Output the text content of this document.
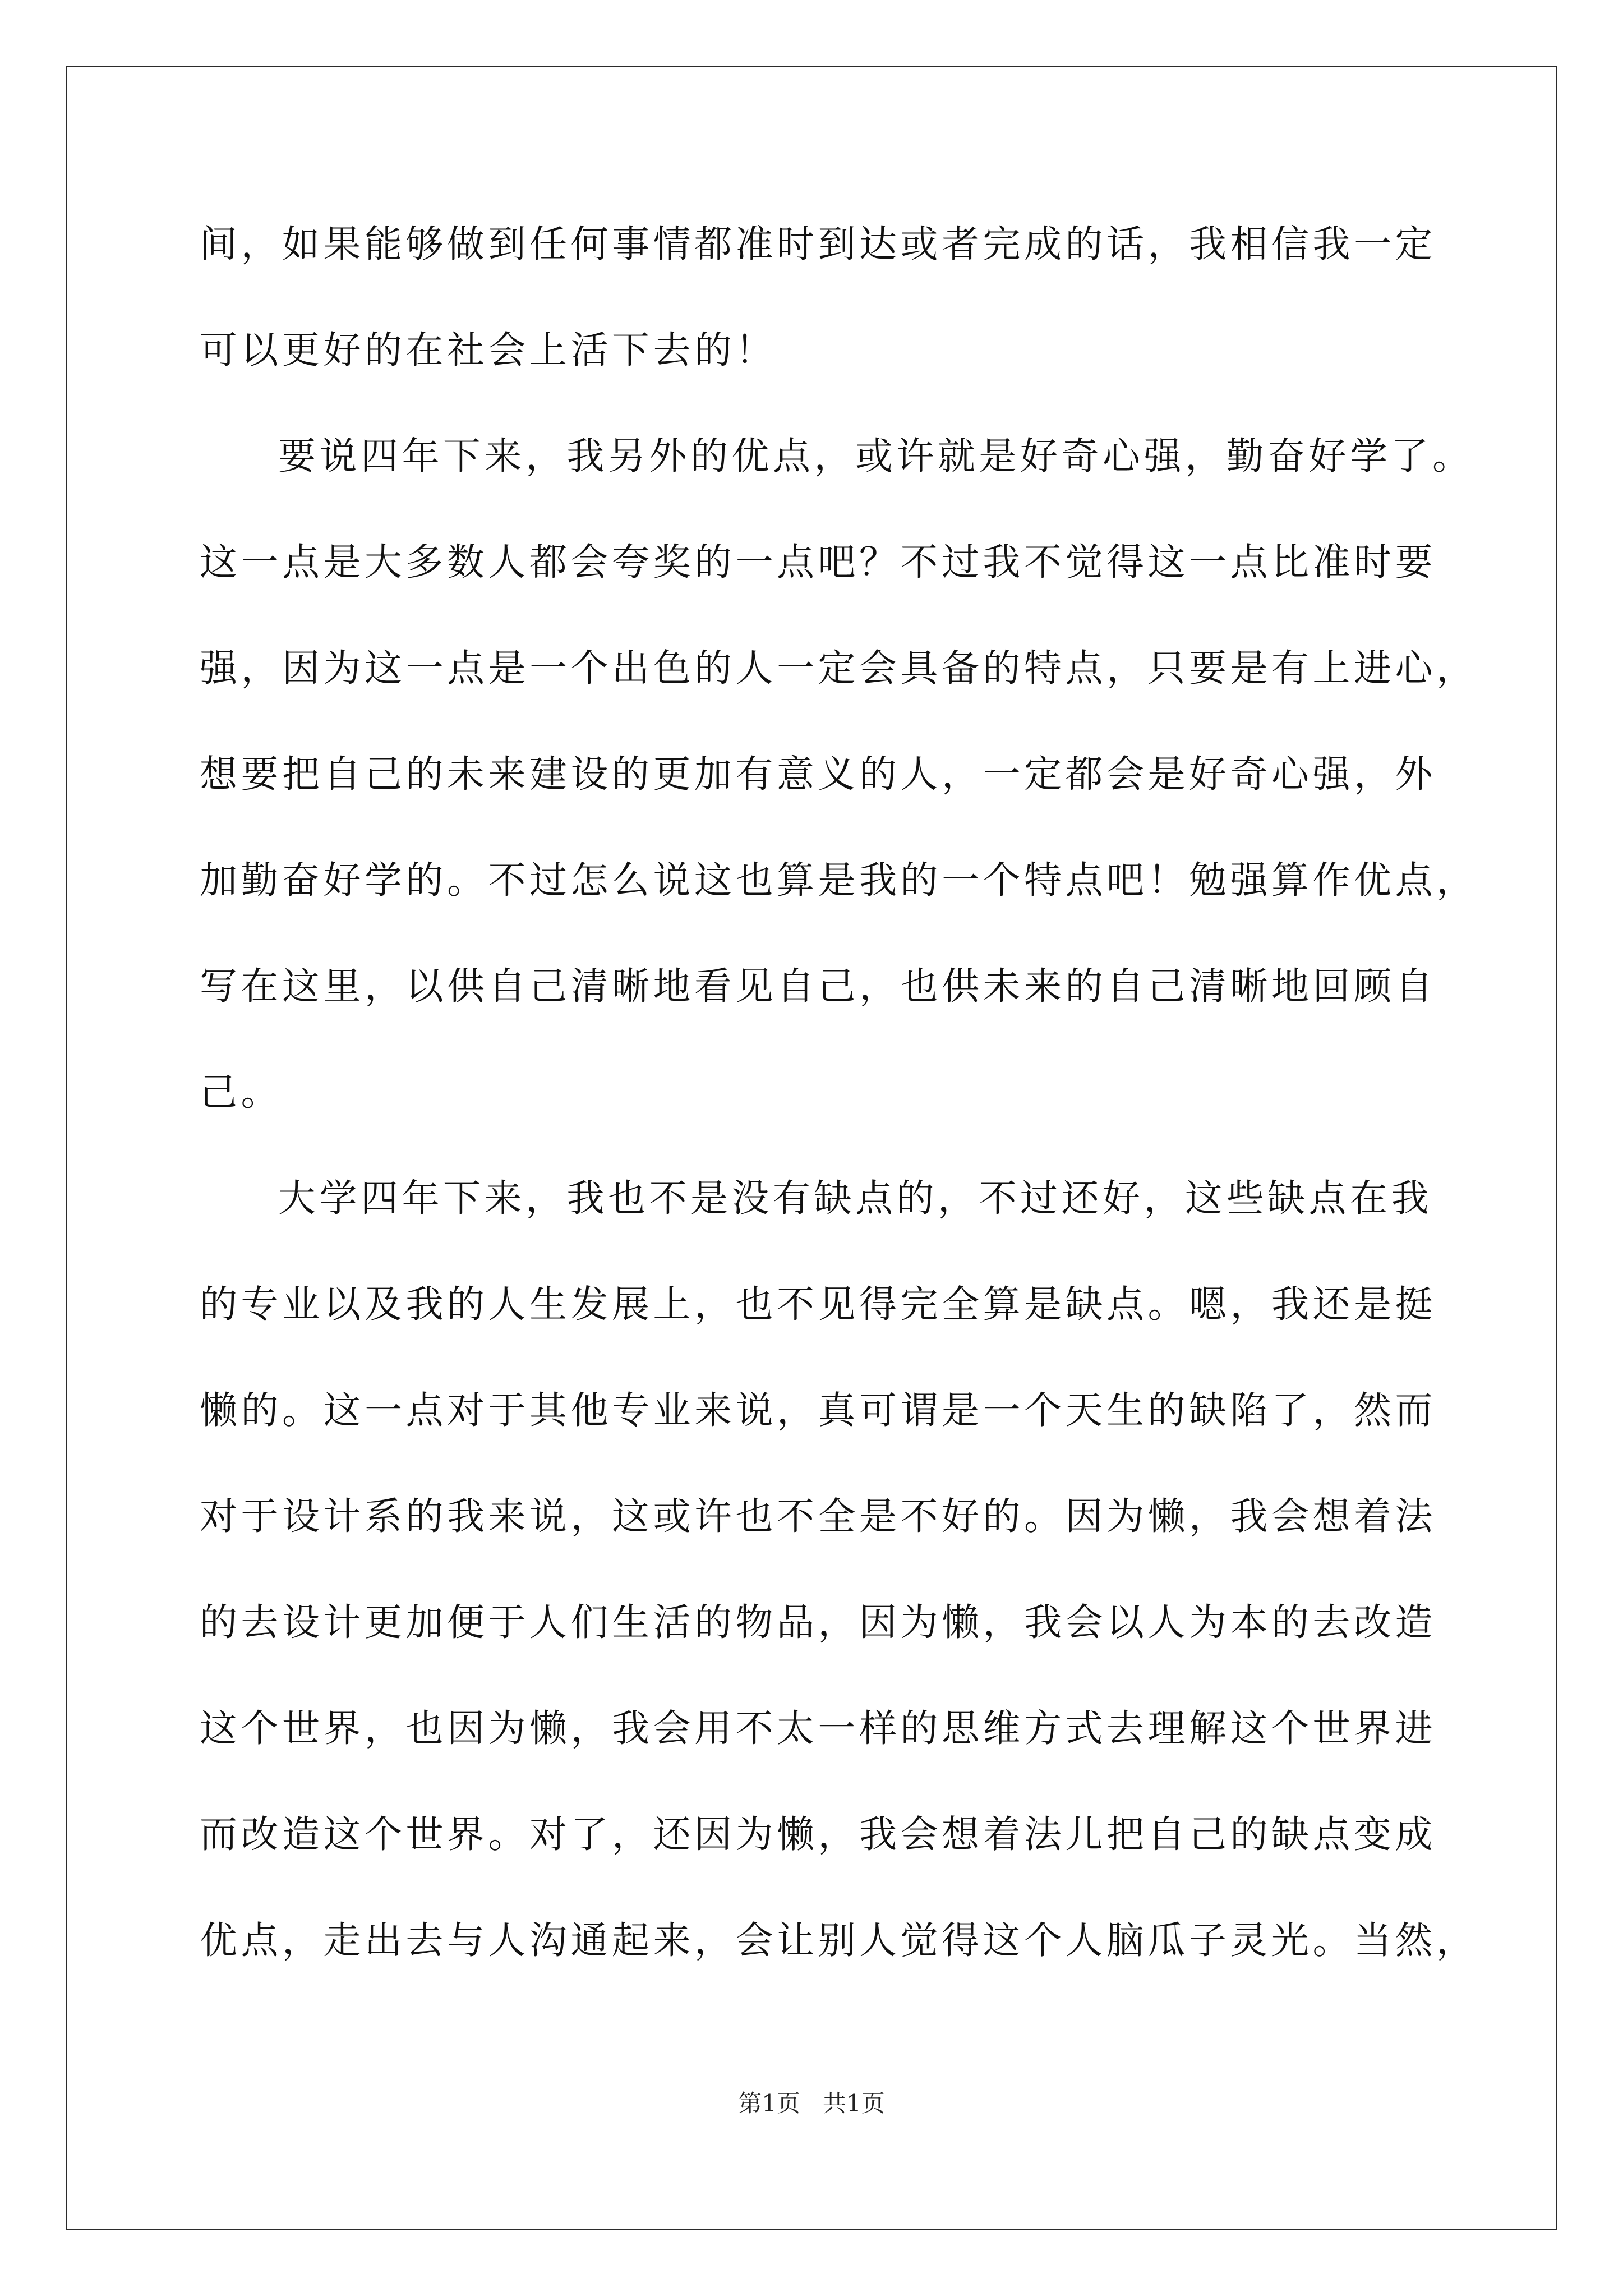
间，如果能够做到任何事情都准时到达或者完成的话，我相信我一定
可以更好的在社会上活下去的！
要说四年下来，我另外的优点，或许就是好奇心强，勤奋好学了。
这一点是大多数人都会夸奖的一点吧？不过我不觉得这一点比准时要
强，因为这一点是一个出色的人一定会具备的特点，只要是有上进心，
想要把自己的未来建设的更加有意义的人，一定都会是好奇心强，外
加勤奋好学的。不过怎么说这也算是我的一个特点吧！勉强算作优点，
写在这里，以供自己清晰地看见自己，也供未来的自己清晰地回顾自
己。
大学四年下来，我也不是没有缺点的，不过还好，这些缺点在我
的专业以及我的人生发展上，也不见得完全算是缺点。嗯，我还是挺
懒的。这一点对于其他专业来说，真可谓是一个天生的缺陷了，然而
对于设计系的我来说，这或许也不全是不好的。因为懒，我会想着法
的去设计更加便于人们生活的物品，因为懒，我会以人为本的去改造
这个世界，也因为懒，我会用不太一样的思维方式去理解这个世界进
而改造这个世界。对了，还因为懒，我会想着法儿把自己的缺点变成
优点，走出去与人沟通起来，会让别人觉得这个人脑瓜子灵光。当然，
第1页 共1页
